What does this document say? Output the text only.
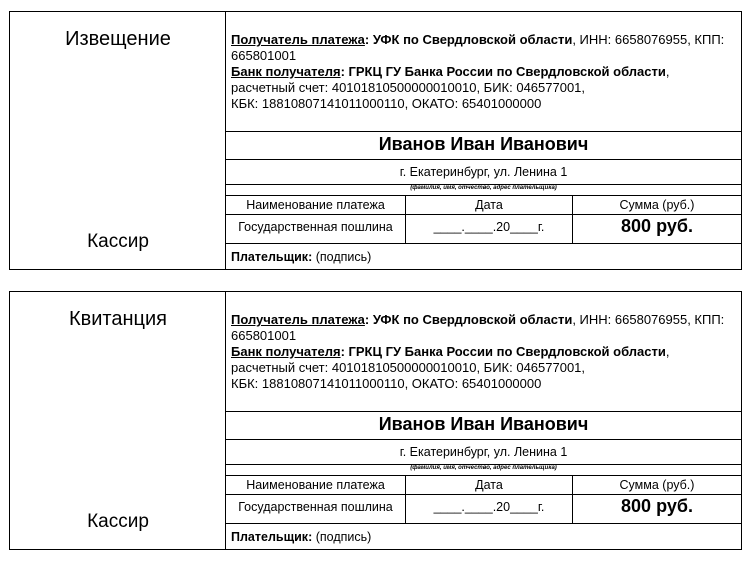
Извещение
Кассир
Получатель платежа: УФК по Свердловской области, ИНН: 6658076955, КПП:
665801001
Банк получателя: ГРКЦ ГУ Банка России по Свердловской области,
расчетный счет: 40101810500000010010, БИК: 046577001,
КБК: 18810807141011000110, ОКАТО: 65401000000
Иванов Иван Иванович
г. Екатеринбург, ул. Ленина 1
(фамилия, имя, отчество, адрес плательщика)
Наименование платежа	Дата	Сумма (руб.)
Государственная пошлина	____.____.20____г.	800 руб.
Плательщик: (подпись)
Квитанция
Кассир
Получатель платежа: УФК по Свердловской области, ИНН: 6658076955, КПП:
665801001
Банк получателя: ГРКЦ ГУ Банка России по Свердловской области,
расчетный счет: 40101810500000010010, БИК: 046577001,
КБК: 18810807141011000110, ОКАТО: 65401000000
Иванов Иван Иванович
г. Екатеринбург, ул. Ленина 1
(фамилия, имя, отчество, адрес плательщика)
Наименование платежа	Дата	Сумма (руб.)
Государственная пошлина	____.____.20____г.	800 руб.
Плательщик: (подпись)
